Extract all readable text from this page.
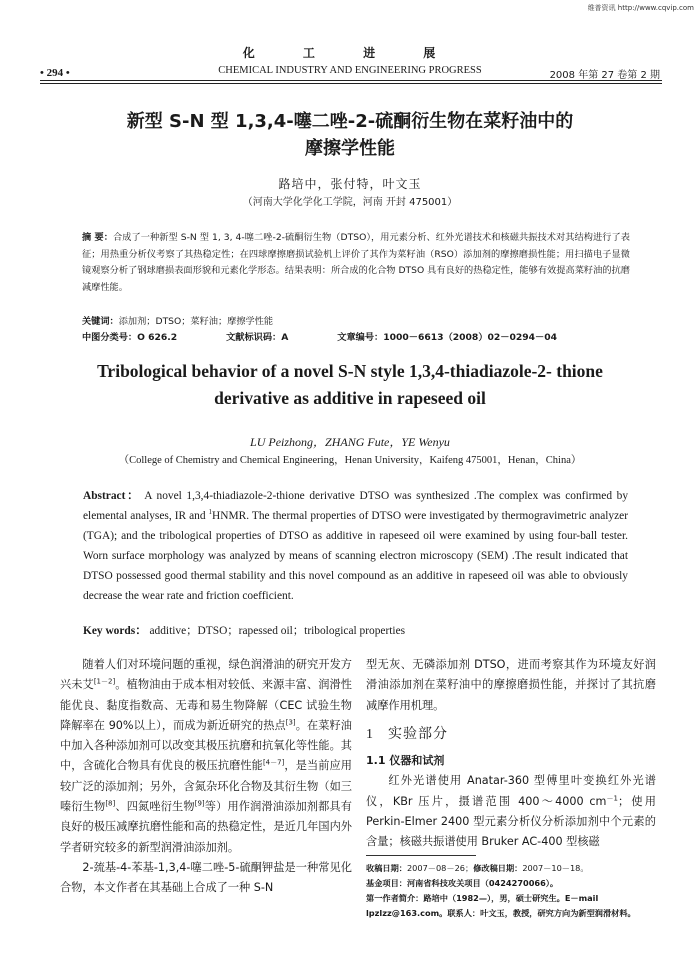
维普资讯 http://www.cqvip.com
化 工 进 展
• 294 •	CHEMICAL INDUSTRY AND ENGINEERING PROGRESS	2008 年第 27 卷第 2 期
新型 S-N 型 1,3,4-噻二唑-2-硫酮衍生物在菜籽油中的
摩擦学性能
路培中，张付特，叶文玉
（河南大学化学化工学院，河南 开封 475001）
摘 要：合成了一种新型 S-N 型 1, 3, 4-噻二唑-2-硫酮衍生物（DTSO），用元素分析、红外光谱技术和核磁共振技术对其结构进行了表征；用热重分析仪考察了其热稳定性；在四球摩擦磨损试验机上评价了其作为菜籽油（RSO）添加剂的摩擦磨损性能；用扫描电子显微镜观察分析了钢球磨损表面形貌和元素化学形态。结果表明：所合成的化合物 DTSO 具有良好的热稳定性，能够有效提高菜籽油的抗磨减摩性能。
关键词：添加剂；DTSO；菜籽油；摩擦学性能
中图分类号：O 626.2	文献标识码：A	文章编号：1000－6613（2008）02－0294－04
Tribological behavior of a novel S-N style 1,3,4-thiadiazole-2- thione
derivative as additive in rapeseed oil
LU Peizhong，ZHANG Fute，YE Wenyu
（College of Chemistry and Chemical Engineering，Henan University，Kaifeng 475001，Henan，China）
Abstract： A novel 1,3,4-thiadiazole-2-thione derivative DTSO was synthesized .The complex was confirmed by elemental analyses, IR and $^1$HNMR. The thermal properties of DTSO were investigated by thermogravimetric analyzer (TGA); and the tribological properties of DTSO as additive in rapeseed oil were examined by using four-ball tester. Worn surface morphology was analyzed by means of scanning electron microscopy (SEM) .The result indicated that DTSO possessed good thermal stability and this novel compound as an additive in rapeseed oil was able to obviously decrease the wear rate and friction coefficient.
Key words： additive；DTSO；rapessed oil；tribological properties

随着人们对环境问题的重视，绿色润滑油的研究开发方兴未艾[1－2]。植物油由于成本相对较低、来源丰富、润滑性能优良、黏度指数高、无毒和易生物降解（CEC 试验生物降解率在 90%以上），而成为新近研究的热点[3]。在菜籽油中加入各种添加剂可以改变其极压抗磨和抗氧化等性能。其中，含硫化合物具有优良的极压抗磨性能[4－7]，是当前应用较广泛的添加剂；另外，含氮杂环化合物及其衍生物（如三嗪衍生物[8]、四氮唑衍生物[9]等）用作润滑油添加剂都具有良好的极压减摩抗磨性能和高的热稳定性，是近几年国内外学者研究较多的新型润滑油添加剂。

2-巯基-4-苯基-1,3,4-噻二唑-5-硫酮钾盐是一种常见化合物，本文作者在其基础上合成了一种 S-N

型无灰、无磷添加剂 DTSO，进而考察其作为环境友好润滑油添加剂在菜籽油中的摩擦磨损性能，并探讨了其抗磨减摩作用机理。

1 实验部分
1.1 仪器和试剂

红外光谱使用 Anatar-360 型傅里叶变换红外光谱仪，KBr 压片，摄谱范围 400～4000 $cm^{-1}$；使用 Perkin-Elmer 2400 型元素分析仪分析添加剂中个元素的含量；核磁共振谱使用 Bruker AC-400 型核磁

收稿日期：2007－08－26；修改稿日期：2007－10－18。
基金项目：河南省科技攻关项目（0424270066）。
第一作者简介：路培中（1982—），男，硕士研究生。E－mail lpzlzz@163.com。联系人：叶文玉，教授，研究方向为新型润滑材料。
